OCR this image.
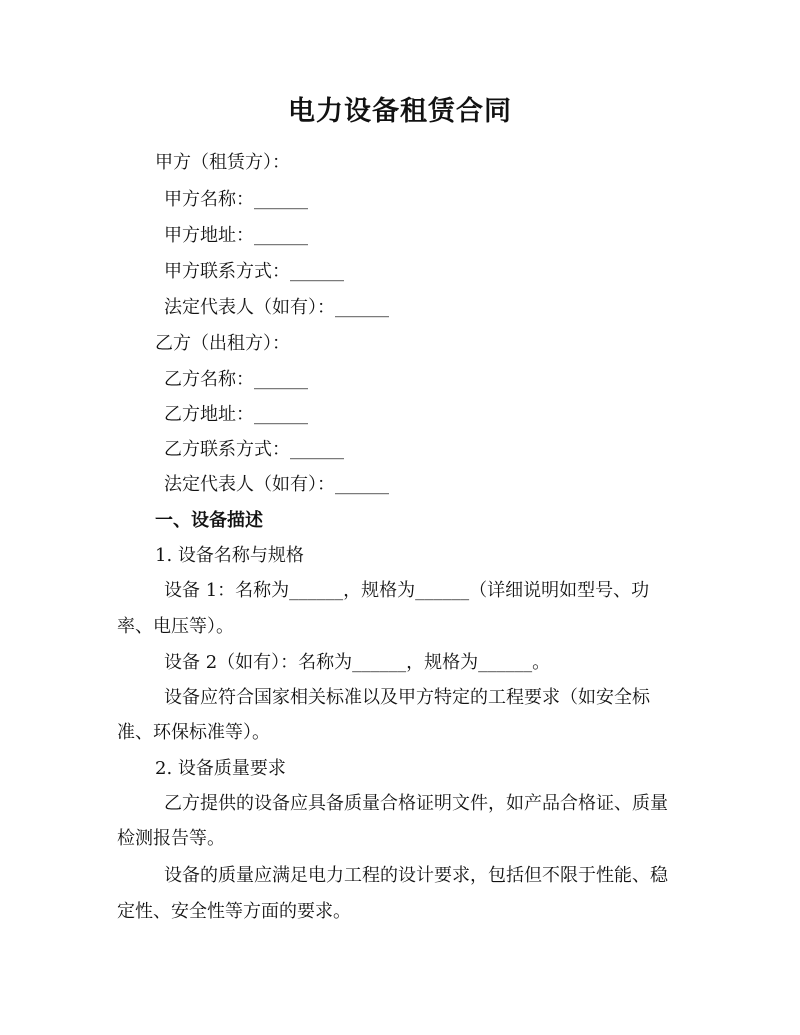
电力设备租赁合同
甲方（租赁方）：
甲方名称：______
甲方地址：______
甲方联系方式：______
法定代表人（如有）：______
乙方（出租方）：
乙方名称：______
乙方地址：______
乙方联系方式：______
法定代表人（如有）：______
一、设备描述
1. 设备名称与规格
设备 1：名称为______，规格为______（详细说明如型号、功
率、电压等）。
设备 2（如有）：名称为______，规格为______。
设备应符合国家相关标准以及甲方特定的工程要求（如安全标
准、环保标准等）。
2. 设备质量要求
乙方提供的设备应具备质量合格证明文件，如产品合格证、质量
检测报告等。
设备的质量应满足电力工程的设计要求，包括但不限于性能、稳
定性、安全性等方面的要求。
